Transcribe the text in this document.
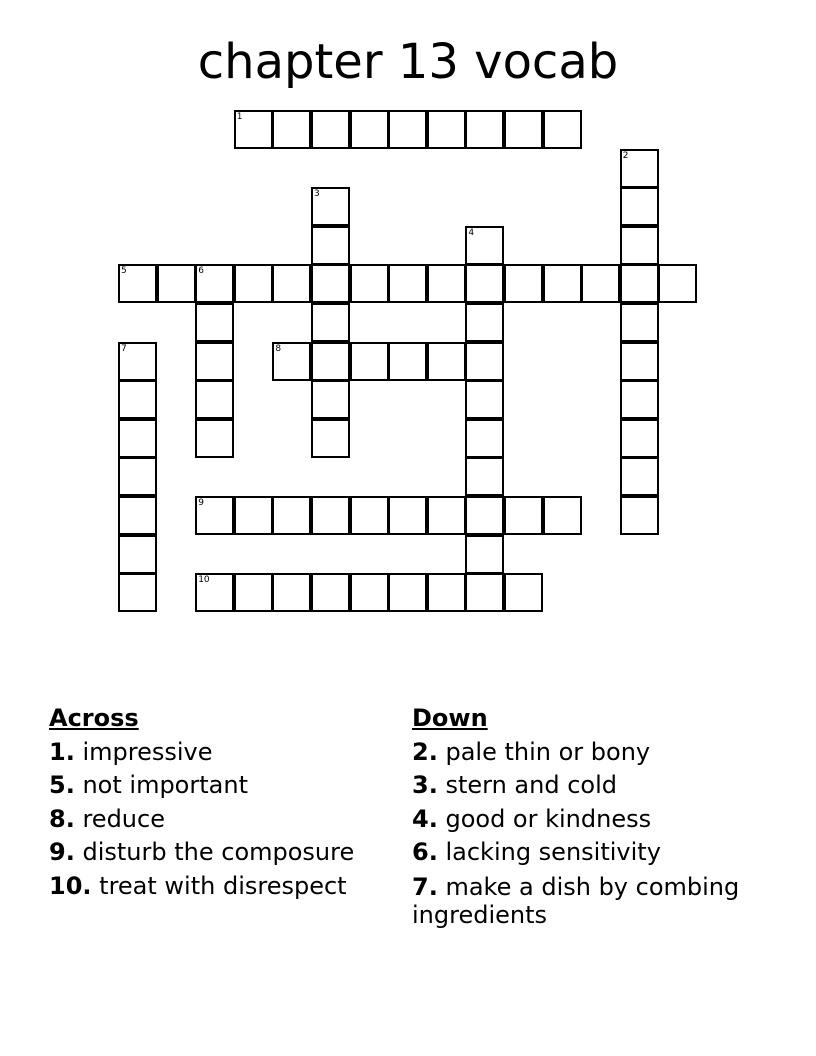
chapter 13 vocab
1
2
3
4
5	6
7	8
9
10
Across
1. impressive
5. not important
8. reduce
9. disturb the composure
10. treat with disrespect
Down
2. pale thin or bony
3. stern and cold
4. good or kindness
6. lacking sensitivity
7. make a dish by combing ingredients
